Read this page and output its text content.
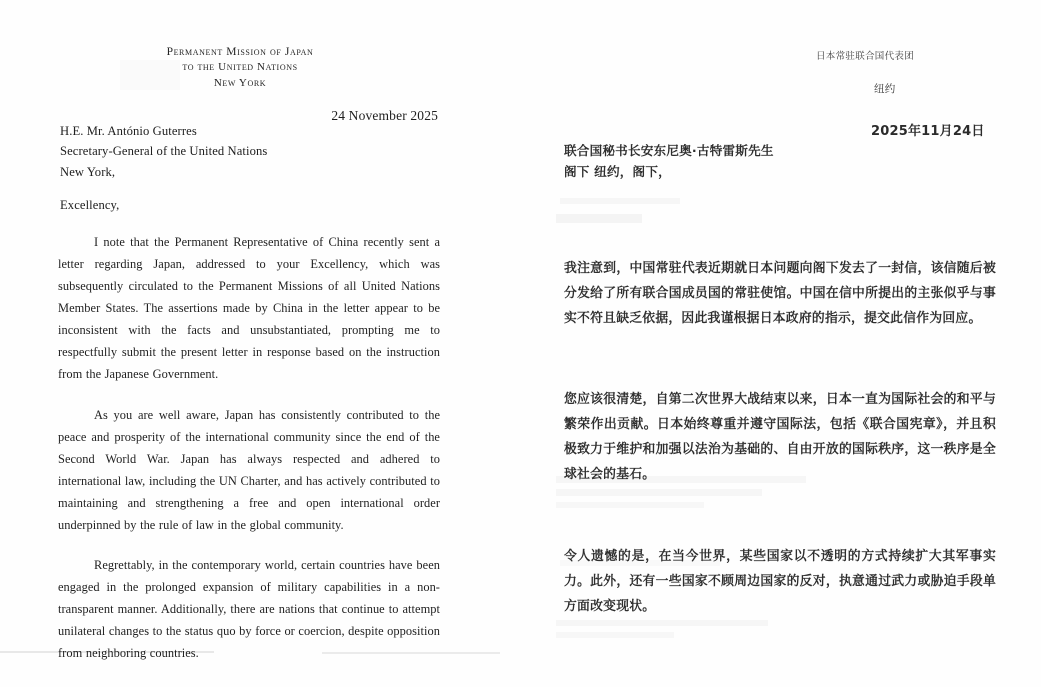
Permanent Mission of Japan
to the United Nations
New York
24 November 2025
H.E. Mr. António Guterres
Secretary-General of the United Nations
New York,
Excellency,

I note that the Permanent Representative of China recently sent a letter regarding Japan, addressed to your Excellency, which was subsequently circulated to the Permanent Missions of all United Nations Member States. The assertions made by China in the letter appear to be inconsistent with the facts and unsubstantiated, prompting me to respectfully submit the present letter in response based on the instruction from the Japanese Government.

As you are well aware, Japan has consistently contributed to the peace and prosperity of the international community since the end of the Second World War. Japan has always respected and adhered to international law, including the UN Charter, and has actively contributed to maintaining and strengthening a free and open international order underpinned by the rule of law in the global community.

Regrettably, in the contemporary world, certain countries have been engaged in the prolonged expansion of military capabilities in a non-transparent manner. Additionally, there are nations that continue to attempt unilateral changes to the status quo by force or coercion, despite opposition from neighboring countries.

日本常驻联合国代表团
纽约
2025年11月24日
联合国秘书长安东尼奥·古特雷斯先生
阁下 纽约，阁下，

我注意到，中国常驻代表近期就日本问题向阁下发去了一封信，该信随后被分发给了所有联合国成员国的常驻使馆。中国在信中所提出的主张似乎与事实不符且缺乏依据，因此我谨根据日本政府的指示，提交此信作为回应。

您应该很清楚，自第二次世界大战结束以来，日本一直为国际社会的和平与繁荣作出贡献。日本始终尊重并遵守国际法，包括《联合国宪章》，并且积极致力于维护和加强以法治为基础的、自由开放的国际秩序，这一秩序是全球社会的基石。

令人遗憾的是，在当今世界，某些国家以不透明的方式持续扩大其军事实力。此外，还有一些国家不顾周边国家的反对，执意通过武力或胁迫手段单方面改变现状。
